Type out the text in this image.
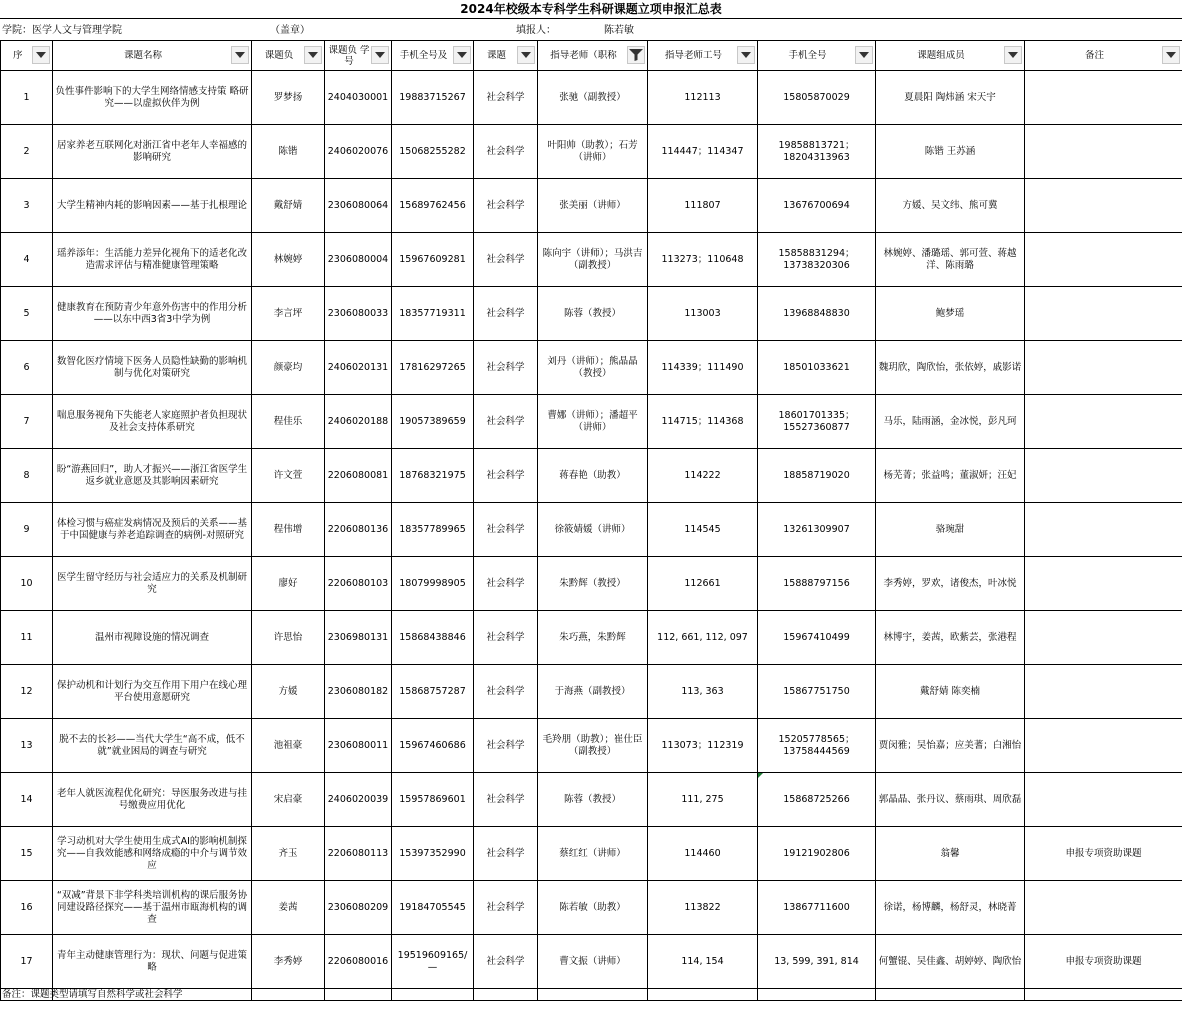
2024年校级本专科学生科研课题立项申报汇总表
学院：医学人文与管理学院	（盖章）	填报人：	陈若敏
序	课题名称	课题负	课题负 学号	手机全号及	课题	指导老师（职称	指导老师工号	手机全号	课题组成员	备注

1	负性事件影响下的大学生网络情感支持策 略研究——以虚拟伙伴为例	罗梦扬	2404030001	19883715267	社会科学	张驰（副教授）	112113	15805870029	夏晨阳 陶炜涵 宋天宇	
2	居家养老互联网化对浙江省中老年人幸福感的影响研究	陈锴	2406020076	15068255282	社会科学	叶阳帅（助教）；石芳（讲师）	114447；114347	19858813721；18204313963	陈锴 王苏涵	
3	大学生精神内耗的影响因素——基于扎根理论	戴舒婧	2306080064	15689762456	社会科学	张美丽（讲师）	111807	13676700694	方媛、吴文纬、熊可冀	
4	瑶养添年：生活能力差异化视角下的适老化改造需求评估与精准健康管理策略	林婉婷	2306080004	15967609281	社会科学	陈向宇（讲师）；马洪吉（副教授）	113273；110648	15858831294；13738320306	林婉婷、潘璐瑶、郭可萱、蒋越洋、陈雨璐	
5	健康教育在预防青少年意外伤害中的作用分析——以东中西3省3中学为例	李言坪	2306080033	18357719311	社会科学	陈蓉（教授）	113003	13968848830	鲍梦瑶	
6	数智化医疗情境下医务人员隐性缺勤的影响机制与优化对策研究	颜豪均	2406020131	17816297265	社会科学	刘丹（讲师）；熊晶晶（教授）	114339；111490	18501033621	魏玥欣，陶欣怡，张依婷，戚影诺	
7	喘息服务视角下失能老人家庭照护者负担现状及社会支持体系研究	程佳乐	2406020188	19057389659	社会科学	曹娜（讲师）；潘超平（讲师）	114715；114368	18601701335；15527360877	马乐，陆雨涵，金冰悦，彭凡珂	
8	盼“游燕回归”，助人才振兴——浙江省医学生返乡就业意愿及其影响因素研究	许文萱	2206080081	18768321975	社会科学	蒋春艳（助教）	114222	18858719020	杨芜菁；张益鸣；董淑妍；汪妃	
9	体检习惯与癌症发病情况及预后的关系——基于中国健康与养老追踪调查的病例-对照研究	程伟增	2206080136	18357789965	社会科学	徐筱婧媛（讲师）	114545	13261309907	骆琬甜	
10	医学生留守经历与社会适应力的关系及机制研究	廖好	2206080103	18079998905	社会科学	朱黔辉（教授）	112661	15888797156	李秀婷，罗欢，诸俊杰，叶冰悦	
11	温州市视障设施的情况调查	许思怡	2306980131	15868438846	社会科学	朱巧燕，朱黔辉	112, 661, 112, 097	15967410499	林博宇，姜茜，欧紫芸，张港程	
12	保护动机和计划行为交互作用下用户在线心理平台使用意愿研究	方媛	2306080182	15868757287	社会科学	于海燕（副教授）	113, 363	15867751750	戴舒婧 陈奕楠	
13	脱不去的长衫——当代大学生“高不成，低不就”就业困局的调查与研究	池祖豪	2306080011	15967460686	社会科学	毛羚朋（助教）；崔仕臣（副教授）	113073；112319	15205778565；13758444569	贾闵雅；吴怡嘉；应美蓍；白湘怡	
14	老年人就医流程优化研究：导医服务改进与挂号缴费应用优化	宋启豪	2406020039	15957869601	社会科学	陈蓉（教授）	111, 275	15868725266	郭晶晶、张丹议、蔡雨琪、周欣磊	
15	学习动机对大学生使用生成式AI的影响机制探究——自我效能感和网络成瘾的中介与调节效应	齐玉	2206080113	15397352990	社会科学	蔡红红（讲师）	114460	19121902806	翁馨	申报专项资助课题
16	“双减”背景下非学科类培训机构的课后服务协同建设路径探究——基于温州市瓯海机构的调查	姜茜	2306080209	19184705545	社会科学	陈若敏（助教）	113822	13867711600	徐诺，杨博麟，杨舒灵，林晓菁	
17	青年主动健康管理行为：现状、问题与促进策略	李秀婷	2206080016	19519609165/—	社会科学	曹文振（讲师）	114, 154	13, 599, 391, 814	何蟹锟、吴佳鑫、胡婷婷、陶欣怡	申报专项资助课题

备注：课题类型请填写自然科学或社会科学
